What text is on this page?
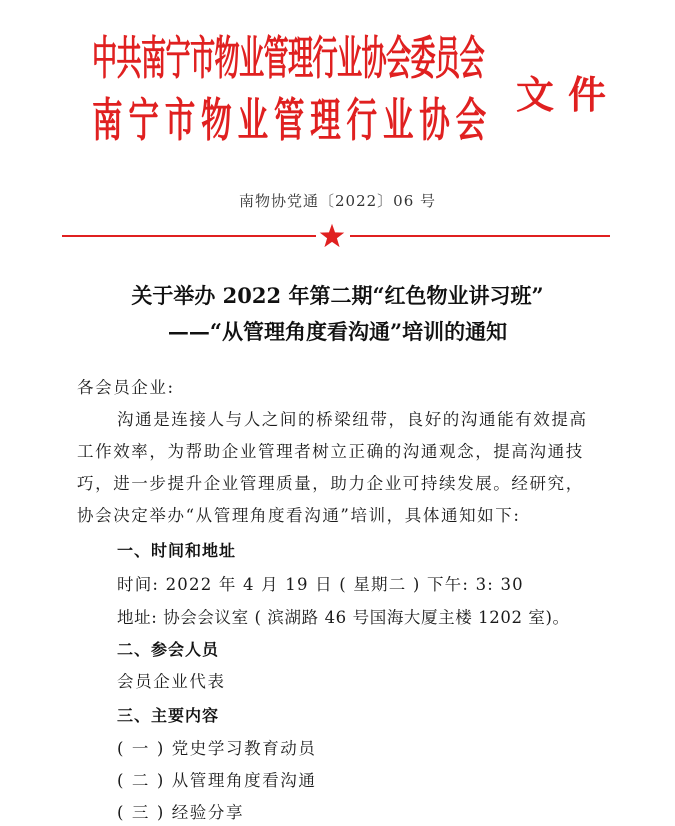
中共南宁市物业管理行业协会委员会
南宁市物业管理行业协会 文件
南物协党通〔2022〕06 号
关于举办 2022 年第二期“红色物业讲习班”
——“从管理角度看沟通”培训的通知
各会员企业:
沟通是连接人与人之间的桥梁纽带，良好的沟通能有效提高
工作效率，为帮助企业管理者树立正确的沟通观念，提高沟通技
巧，进一步提升企业管理质量，助力企业可持续发展。经研究，
协会决定举办“从管理角度看沟通”培训，具体通知如下:
一、时间和地址
时间: 2022 年 4 月 19 日 ( 星期二 ) 下午: 3: 30
地址: 协会会议室 ( 滨湖路 46 号国海大厦主楼 1202 室)。
二、参会人员
会员企业代表
三、主要内容
( 一 ) 党史学习教育动员
( 二 ) 从管理角度看沟通
( 三 ) 经验分享
